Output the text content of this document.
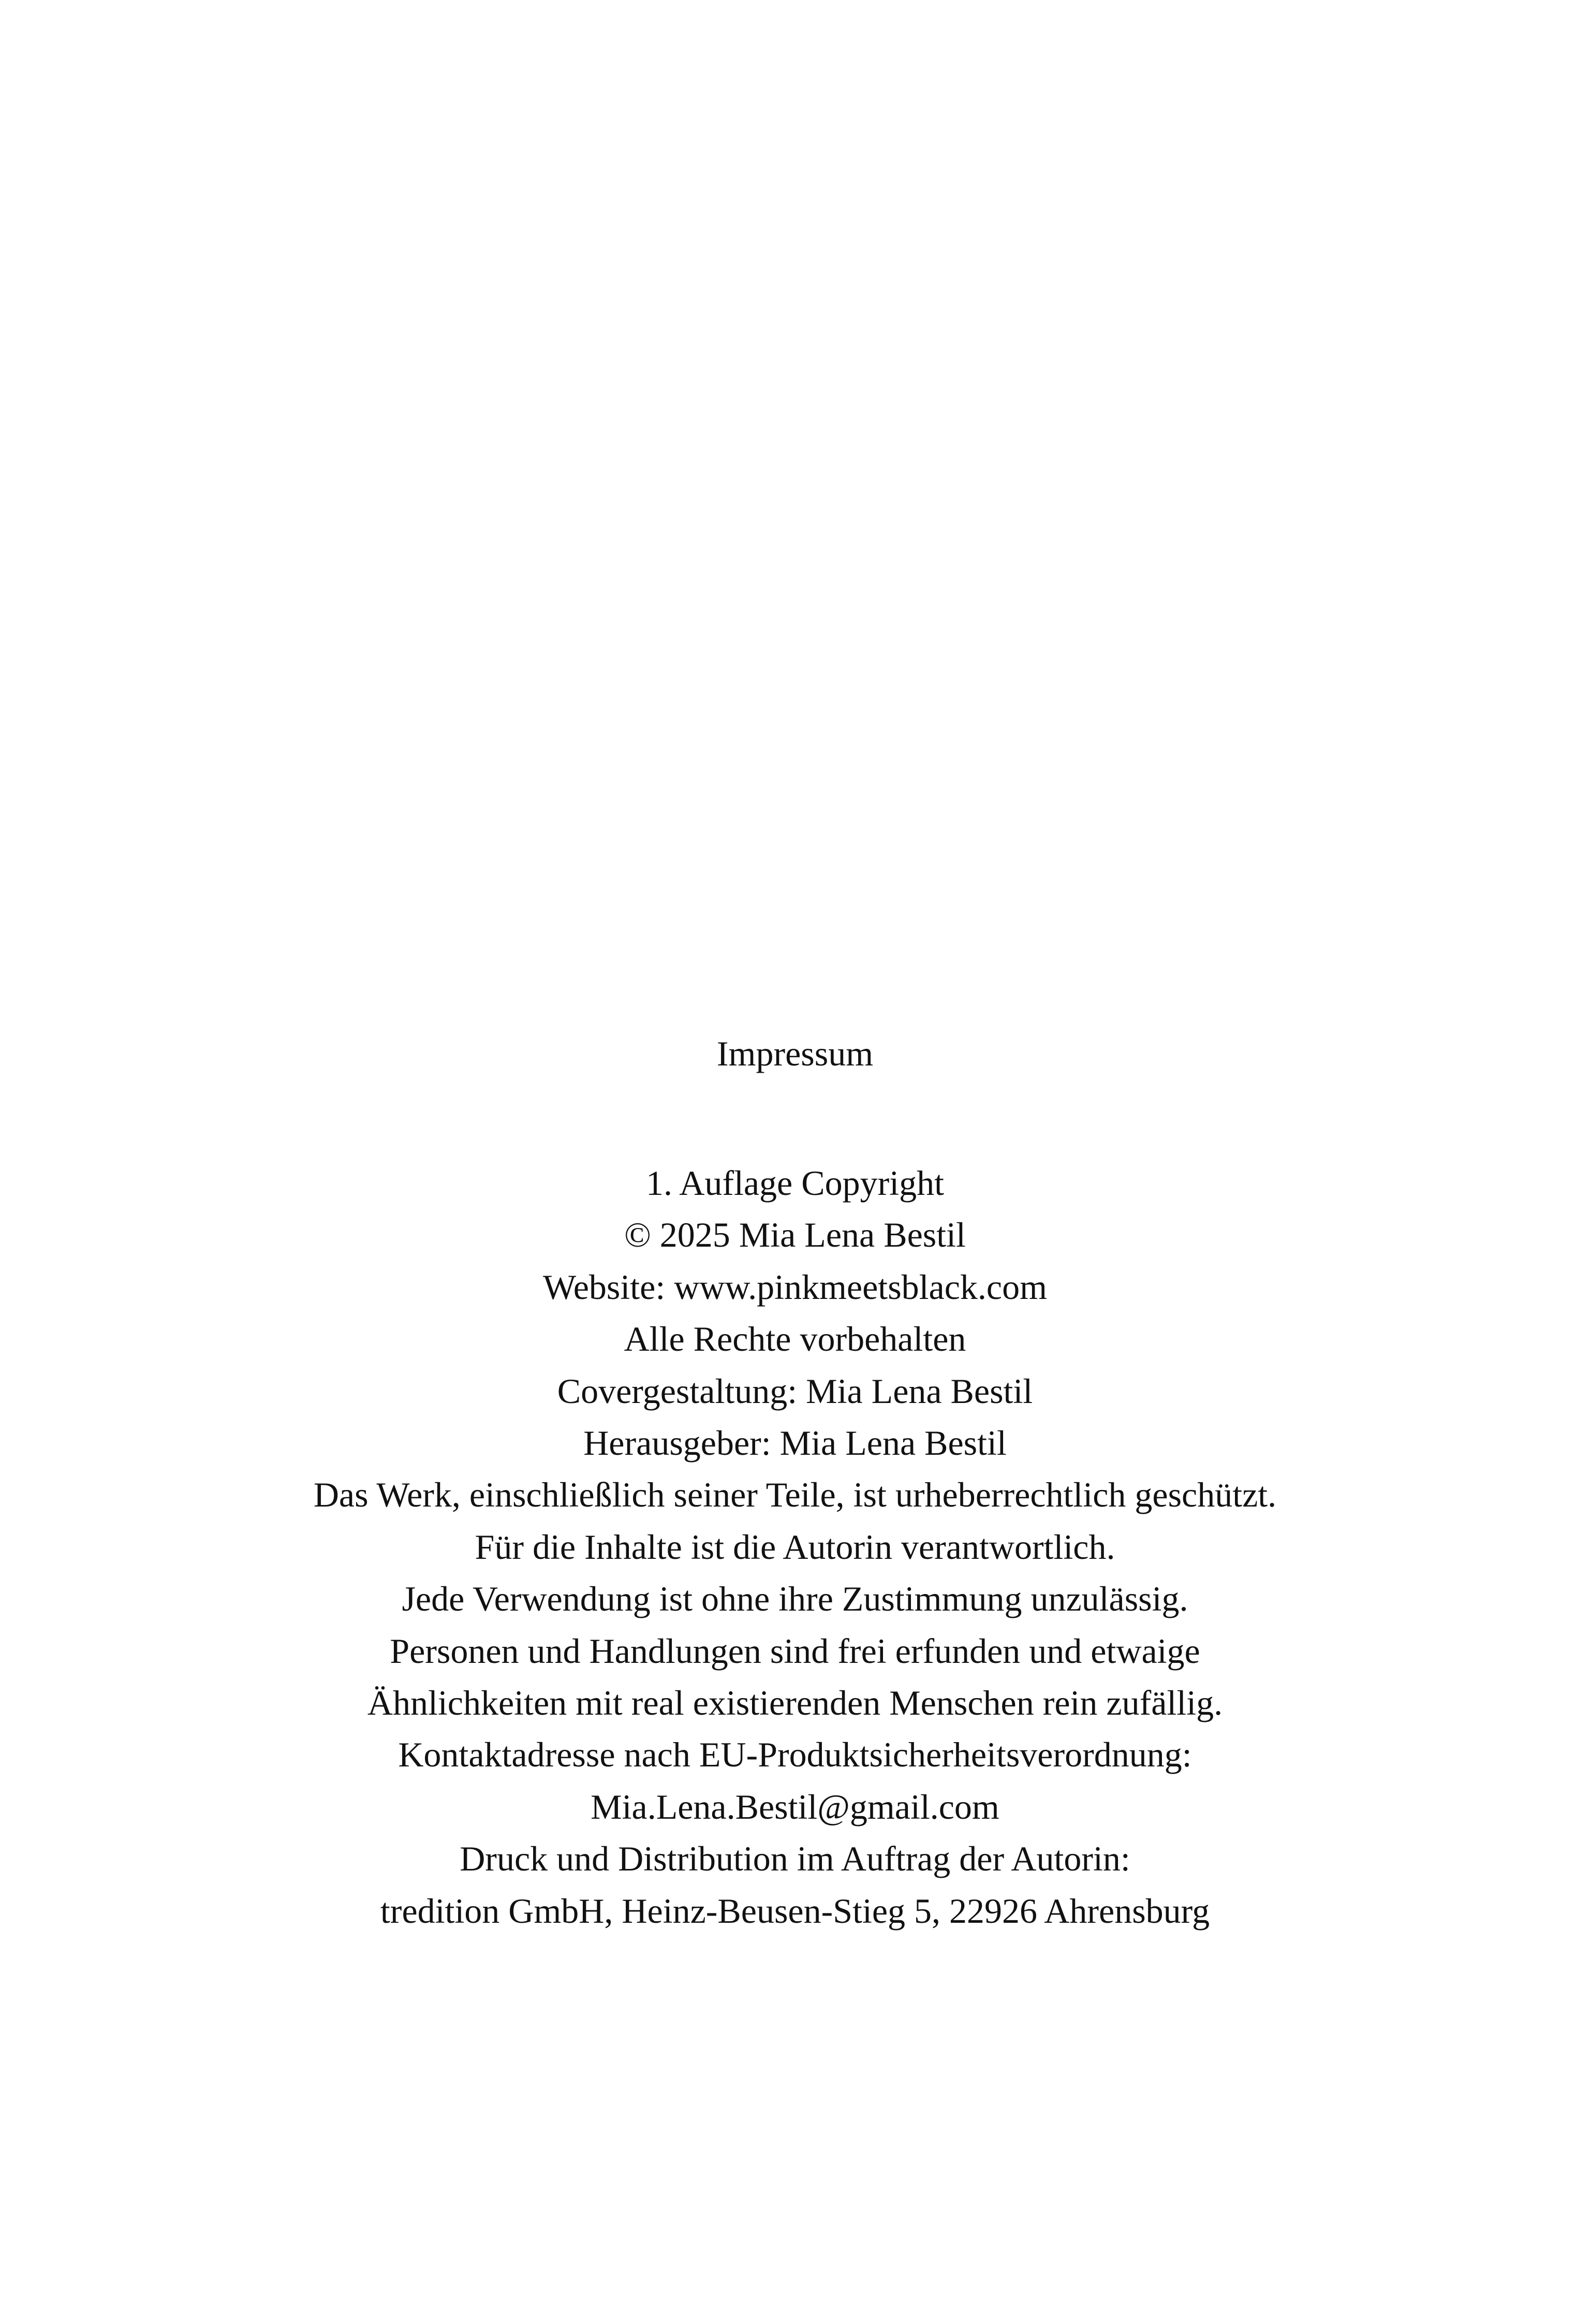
Impressum
1. Auflage Copyright
© 2025 Mia Lena Bestil
Website: www.pinkmeetsblack.com
Alle Rechte vorbehalten
Covergestaltung: Mia Lena Bestil
Herausgeber: Mia Lena Bestil
Das Werk, einschließlich seiner Teile, ist urheberrechtlich geschützt.
Für die Inhalte ist die Autorin verantwortlich.
Jede Verwendung ist ohne ihre Zustimmung unzulässig.
Personen und Handlungen sind frei erfunden und etwaige
Ähnlichkeiten mit real existierenden Menschen rein zufällig.
Kontaktadresse nach EU-Produktsicherheitsverordnung:
Mia.Lena.Bestil@gmail.com
Druck und Distribution im Auftrag der Autorin:
tredition GmbH, Heinz-Beusen-Stieg 5, 22926 Ahrensburg
